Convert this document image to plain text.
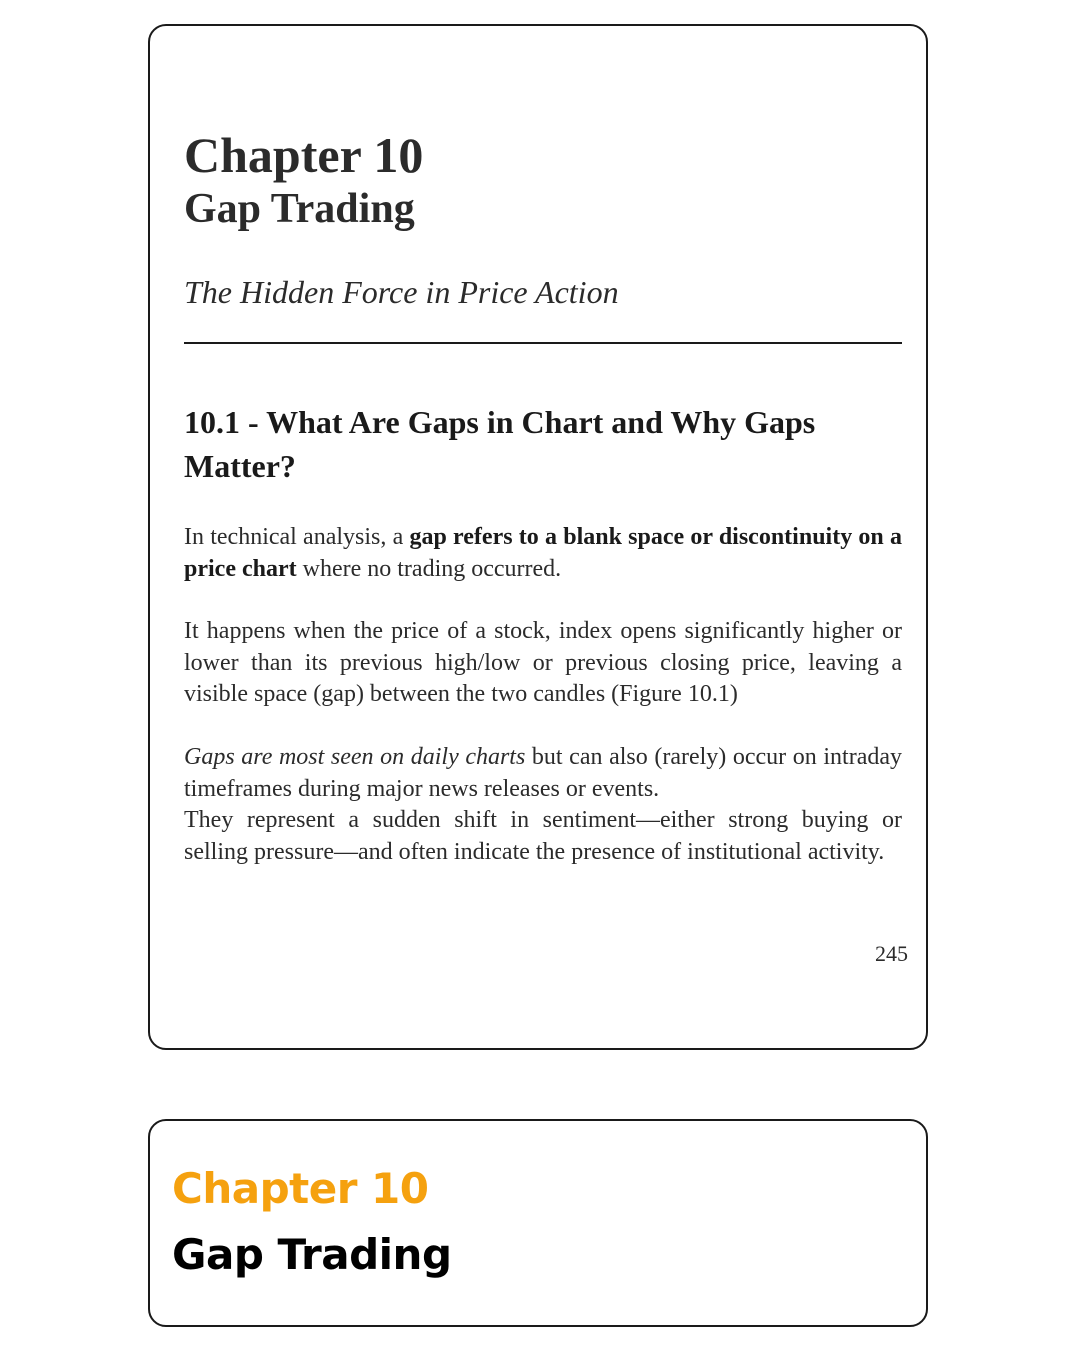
Chapter 10
Gap Trading

The Hidden Force in Price Action

10.1 - What Are Gaps in Chart and Why Gaps Matter?

In technical analysis, a gap refers to a blank space or discontinuity on a price chart where no trading occurred.

It happens when the price of a stock, index opens significantly higher or lower than its previous high/low or previous closing price, leaving a visible space (gap) between the two candles (Figure 10.1)

Gaps are most seen on daily charts but can also (rarely) occur on intraday timeframes during major news releases or events.
They represent a sudden shift in sentiment—either strong buying or selling pressure—and often indicate the presence of institutional activity.

245
Chapter 10
Gap Trading
